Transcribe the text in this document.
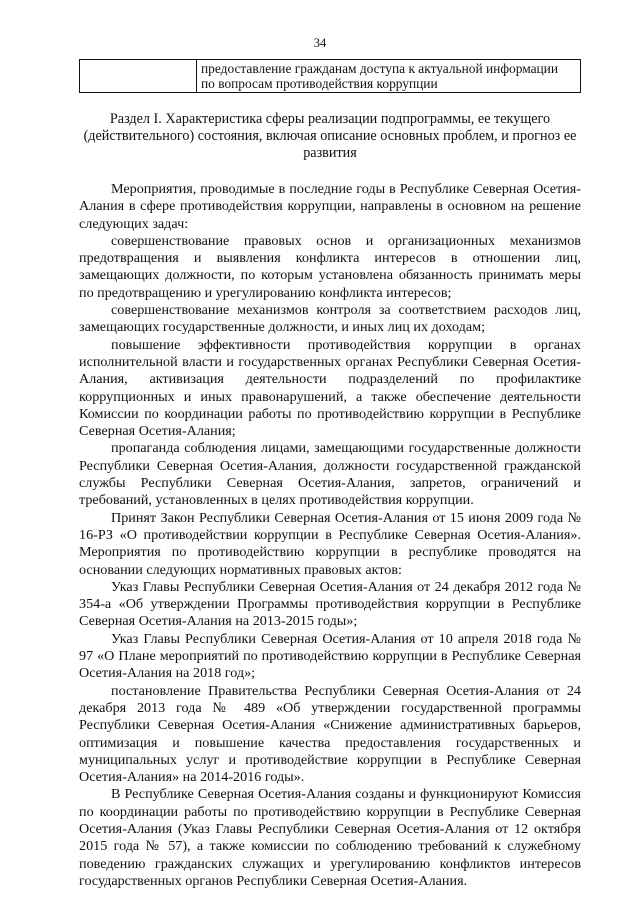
34
	предоставление гражданам доступа к актуальной информации по вопросам противодействия коррупции
Раздел I. Характеристика сферы реализации подпрограммы, ее текущего (действительного) состояния, включая описание основных проблем, и прогноз ее развития

Мероприятия, проводимые в последние годы в Республике Северная Осетия-Алания в сфере противодействия коррупции, направлены в основном на решение следующих задач:

совершенствование правовых основ и организационных механизмов предотвращения и выявления конфликта интересов в отношении лиц, замещающих должности, по которым установлена обязанность принимать меры по предотвращению и урегулированию конфликта интересов;

совершенствование механизмов контроля за соответствием расходов лиц, замещающих государственные должности, и иных лиц их доходам;

повышение эффективности противодействия коррупции в органах исполнительной власти и государственных органах Республики Северная Осетия-Алания, активизация деятельности подразделений по профилактике коррупционных и иных правонарушений, а также обеспечение деятельности Комиссии по координации работы по противодействию коррупции в Республике Северная Осетия-Алания;

пропаганда соблюдения лицами, замещающими государственные должности Республики Северная Осетия-Алания, должности государственной гражданской службы Республики Северная Осетия-Алания, запретов, ограничений и требований, установленных в целях противодействия коррупции.

Принят Закон Республики Северная Осетия-Алания от 15 июня 2009 года № 16-РЗ «О противодействии коррупции в Республике Северная Осетия-Алания». Мероприятия по противодействию коррупции в республике проводятся на основании следующих нормативных правовых актов:

Указ Главы Республики Северная Осетия-Алания от 24 декабря 2012 года № 354-а «Об утверждении Программы противодействия коррупции в Республике Северная Осетия-Алания на 2013-2015 годы»;

Указ Главы Республики Северная Осетия-Алания от 10 апреля 2018 года № 97 «О Плане мероприятий по противодействию коррупции в Республике Северная Осетия-Алания на 2018 год»;

постановление Правительства Республики Северная Осетия-Алания от 24 декабря 2013 года № 489 «Об утверждении государственной программы Республики Северная Осетия-Алания «Снижение административных барьеров, оптимизация и повышение качества предоставления государственных и муниципальных услуг и противодействие коррупции в Республике Северная Осетия-Алания» на 2014-2016 годы».

В Республике Северная Осетия-Алания созданы и функционируют Комиссия по координации работы по противодействию коррупции в Республике Северная Осетия-Алания (Указ Главы Республики Северная Осетия-Алания от 12 октября 2015 года № 57), а также комиссии по соблюдению требований к служебному поведению гражданских служащих и урегулированию конфликтов интересов государственных органов Республики Северная Осетия-Алания.
